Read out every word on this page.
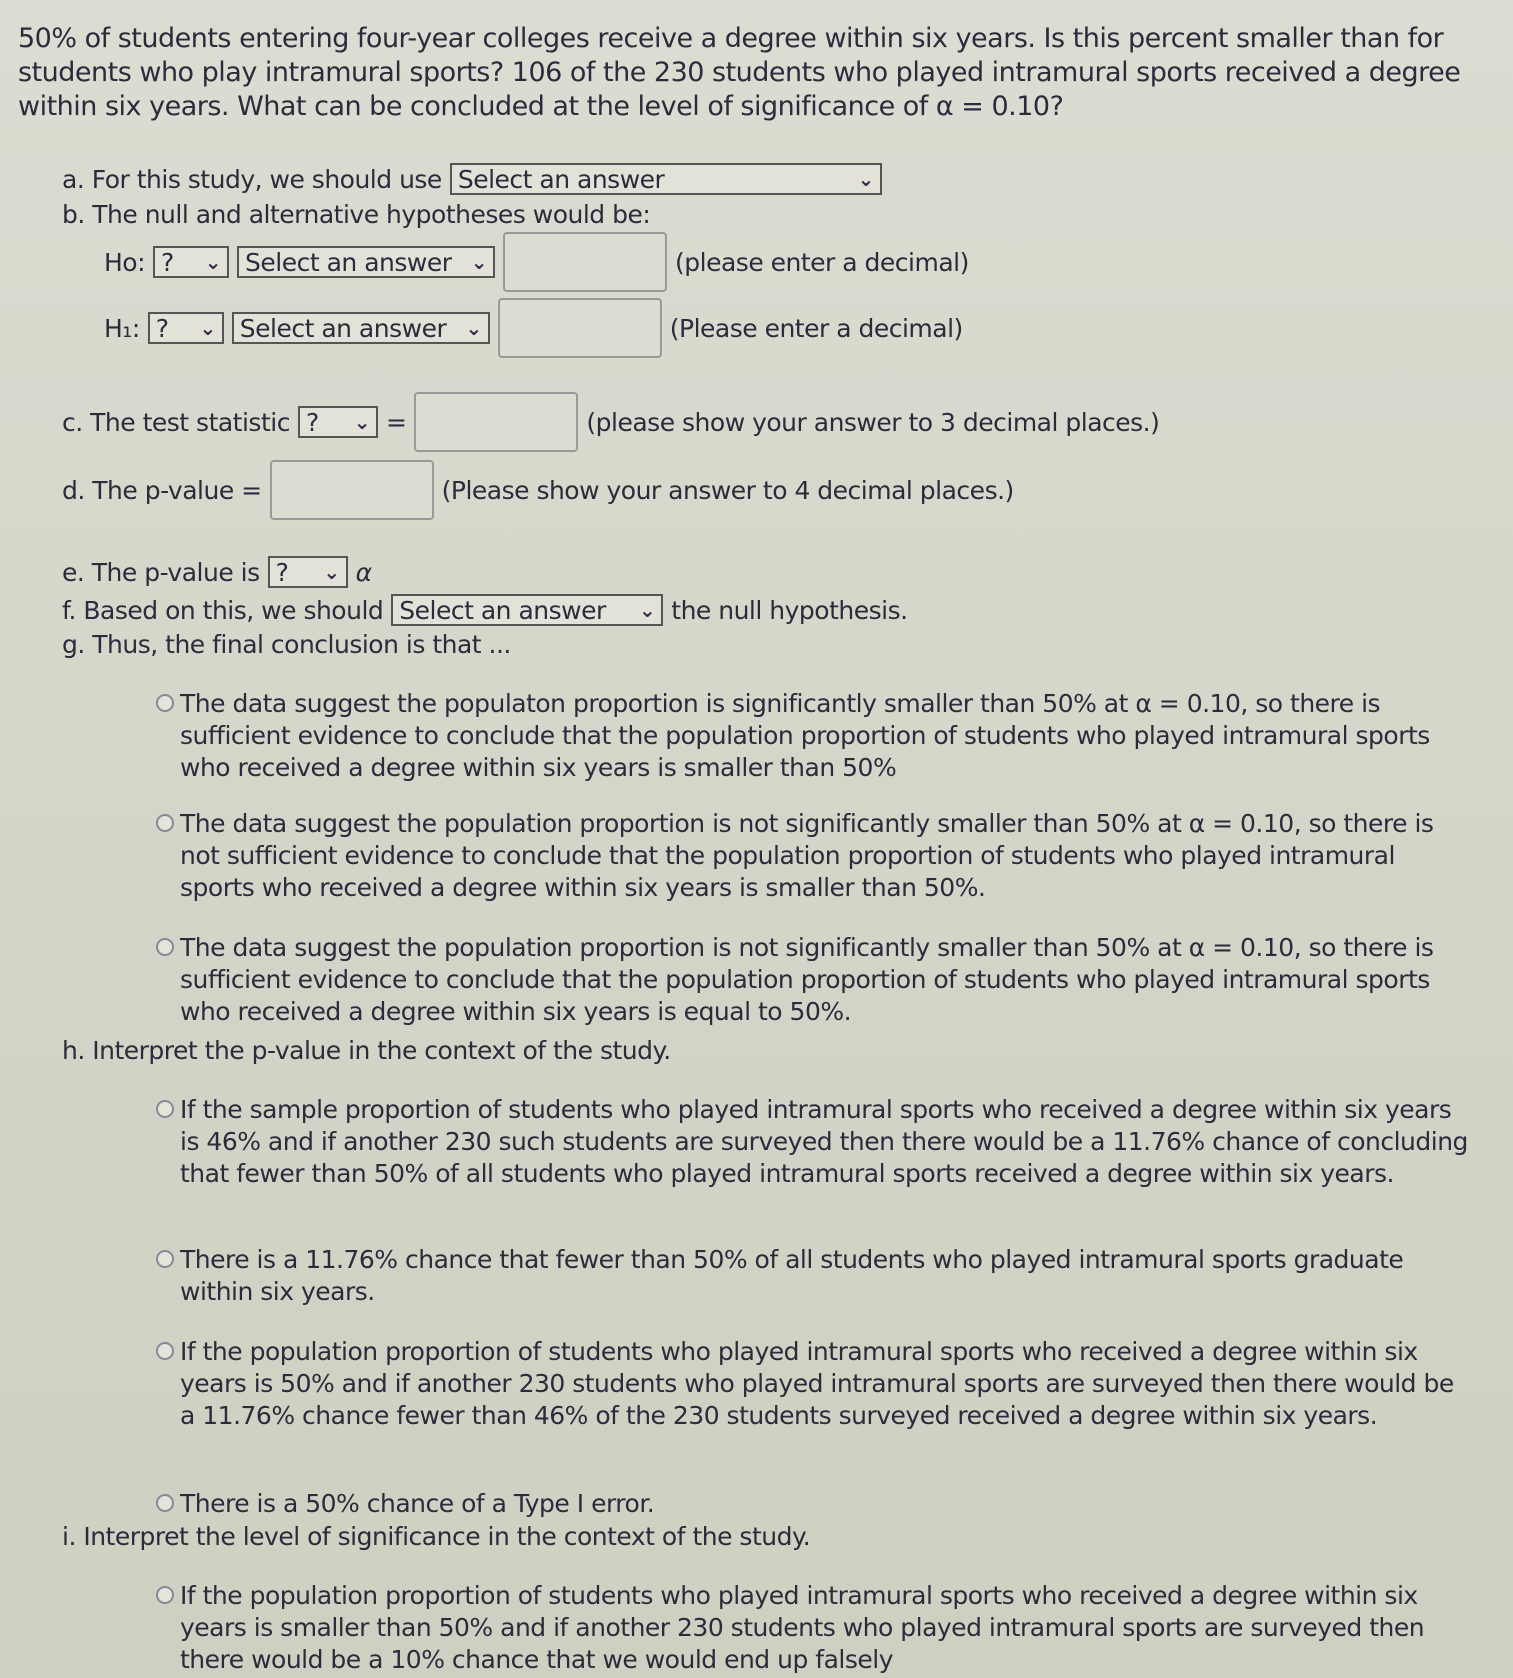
50% of students entering four-year colleges receive a degree within six years. Is this percent smaller than for students who play intramural sports? 106 of the 230 students who played intramural sports received a degree within six years. What can be concluded at the level of significance of α = 0.10?
a. For this study, we should use Select an answer	⌄
b. The null and alternative hypotheses would be:
Ho: ? ⌄ Select an answer ⌄	(please enter a decimal)
H₁: ? ⌄ Select an answer ⌄	(Please enter a decimal)
c. The test statistic ? ⌄ =	(please show your answer to 3 decimal places.)
d. The p-value =	(Please show your answer to 4 decimal places.)
e. The p-value is ? ⌄ α
f. Based on this, we should Select an answer ⌄ the null hypothesis.
g. Thus, the final conclusion is that ...
The data suggest the populaton proportion is significantly smaller than 50% at α = 0.10, so there is sufficient evidence to conclude that the population proportion of students who played intramural sports who received a degree within six years is smaller than 50%
The data suggest the population proportion is not significantly smaller than 50% at α = 0.10, so there is not sufficient evidence to conclude that the population proportion of students who played intramural sports who received a degree within six years is smaller than 50%.
The data suggest the population proportion is not significantly smaller than 50% at α = 0.10, so there is sufficient evidence to conclude that the population proportion of students who played intramural sports who received a degree within six years is equal to 50%.
h. Interpret the p-value in the context of the study.
If the sample proportion of students who played intramural sports who received a degree within six years is 46% and if another 230 such students are surveyed then there would be a 11.76% chance of concluding that fewer than 50% of all students who played intramural sports received a degree within six years.
There is a 11.76% chance that fewer than 50% of all students who played intramural sports graduate within six years.
If the population proportion of students who played intramural sports who received a degree within six years is 50% and if another 230 students who played intramural sports are surveyed then there would be a 11.76% chance fewer than 46% of the 230 students surveyed received a degree within six years.
There is a 50% chance of a Type I error.
i. Interpret the level of significance in the context of the study.
If the population proportion of students who played intramural sports who received a degree within six years is smaller than 50% and if another 230 students who played intramural sports are surveyed then there would be a 10% chance that we would end up falsely
